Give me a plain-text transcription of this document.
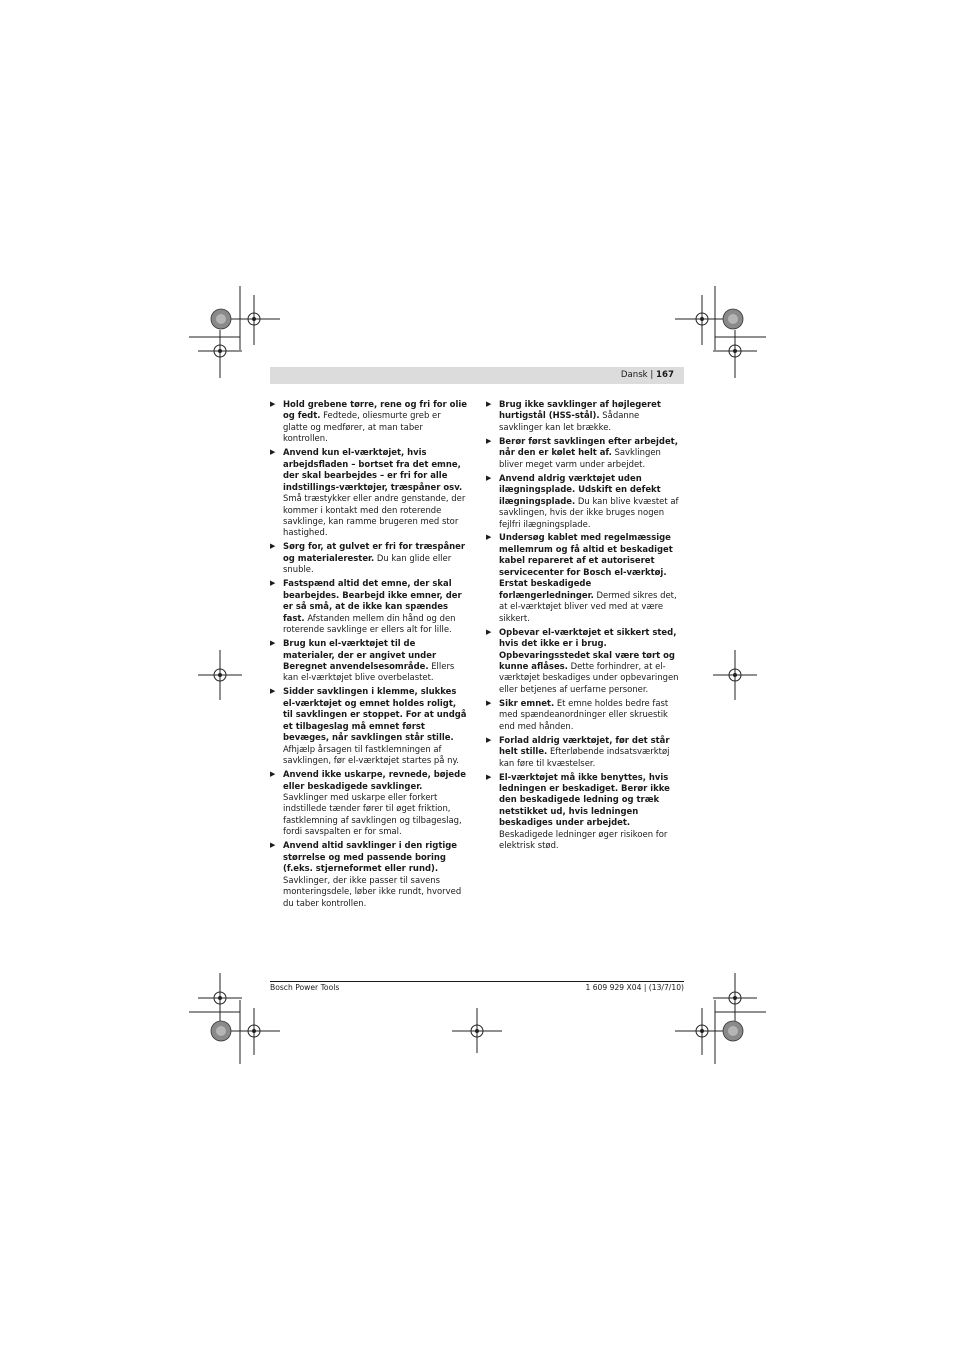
Dansk | 167
▶ Hold grebene tørre, rene og fri for olie og fedt. Fedtede, oliesmurte greb er glatte og medfører, at man taber kontrollen.
▶ Anvend kun el-værktøjet, hvis arbejdsfladen – bortset fra det emne, der skal bearbejdes – er fri for alle indstillings-værktøjer, træspåner osv. Små træstykker eller andre genstande, der kommer i kontakt med den roterende savklinge, kan ramme brugeren med stor hastighed.
▶ Sørg for, at gulvet er fri for træspåner og materialerester. Du kan glide eller snuble.
▶ Fastspænd altid det emne, der skal bearbejdes. Bearbejd ikke emner, der er så små, at de ikke kan spændes fast. Afstanden mellem din hånd og den roterende savklinge er ellers alt for lille.
▶ Brug kun el-værktøjet til de materialer, der er angivet under Beregnet anvendelsesområde. Ellers kan el-værktøjet blive overbelastet.
▶ Sidder savklingen i klemme, slukkes el-værktøjet og emnet holdes roligt, til savklingen er stoppet. For at undgå et tilbageslag må emnet først bevæges, når savklingen står stille. Afhjælp årsagen til fastklemningen af savklingen, før el-værktøjet startes på ny.
▶ Anvend ikke uskarpe, revnede, bøjede eller beskadigede savklinger. Savklinger med uskarpe eller forkert indstillede tænder fører til øget friktion, fastklemning af savklingen og tilbageslag, fordi savspalten er for smal.
▶ Anvend altid savklinger i den rigtige størrelse og med passende boring (f.eks. stjerneformet eller rund). Savklinger, der ikke passer til savens monteringsdele, løber ikke rundt, hvorved du taber kontrollen.
▶ Brug ikke savklinger af højlegeret hurtigstål (HSS-stål). Sådanne savklinger kan let brække.
▶ Berør først savklingen efter arbejdet, når den er kølet helt af. Savklingen bliver meget varm under arbejdet.
▶ Anvend aldrig værktøjet uden ilægningsplade. Udskift en defekt ilægningsplade. Du kan blive kvæstet af savklingen, hvis der ikke bruges nogen fejlfri ilægningsplade.
▶ Undersøg kablet med regelmæssige mellemrum og få altid et beskadiget kabel repareret af et autoriseret servicecenter for Bosch el-værktøj. Erstat beskadigede forlængerledninger. Dermed sikres det, at el-værktøjet bliver ved med at være sikkert.
▶ Opbevar el-værktøjet et sikkert sted, hvis det ikke er i brug. Opbevaringsstedet skal være tørt og kunne aflåses. Dette forhindrer, at el-værktøjet beskadiges under opbevaringen eller betjenes af uerfarne personer.
▶ Sikr emnet. Et emne holdes bedre fast med spændeanordninger eller skruestik end med hånden.
▶ Forlad aldrig værktøjet, før det står helt stille. Efterløbende indsatsværktøj kan føre til kvæstelser.
▶ El-værktøjet må ikke benyttes, hvis ledningen er beskadiget. Berør ikke den beskadigede ledning og træk netstikket ud, hvis ledningen beskadiges under arbejdet. Beskadigede ledninger øger risikoen for elektrisk stød.
Bosch Power Tools	1 609 929 X04 | (13/7/10)
